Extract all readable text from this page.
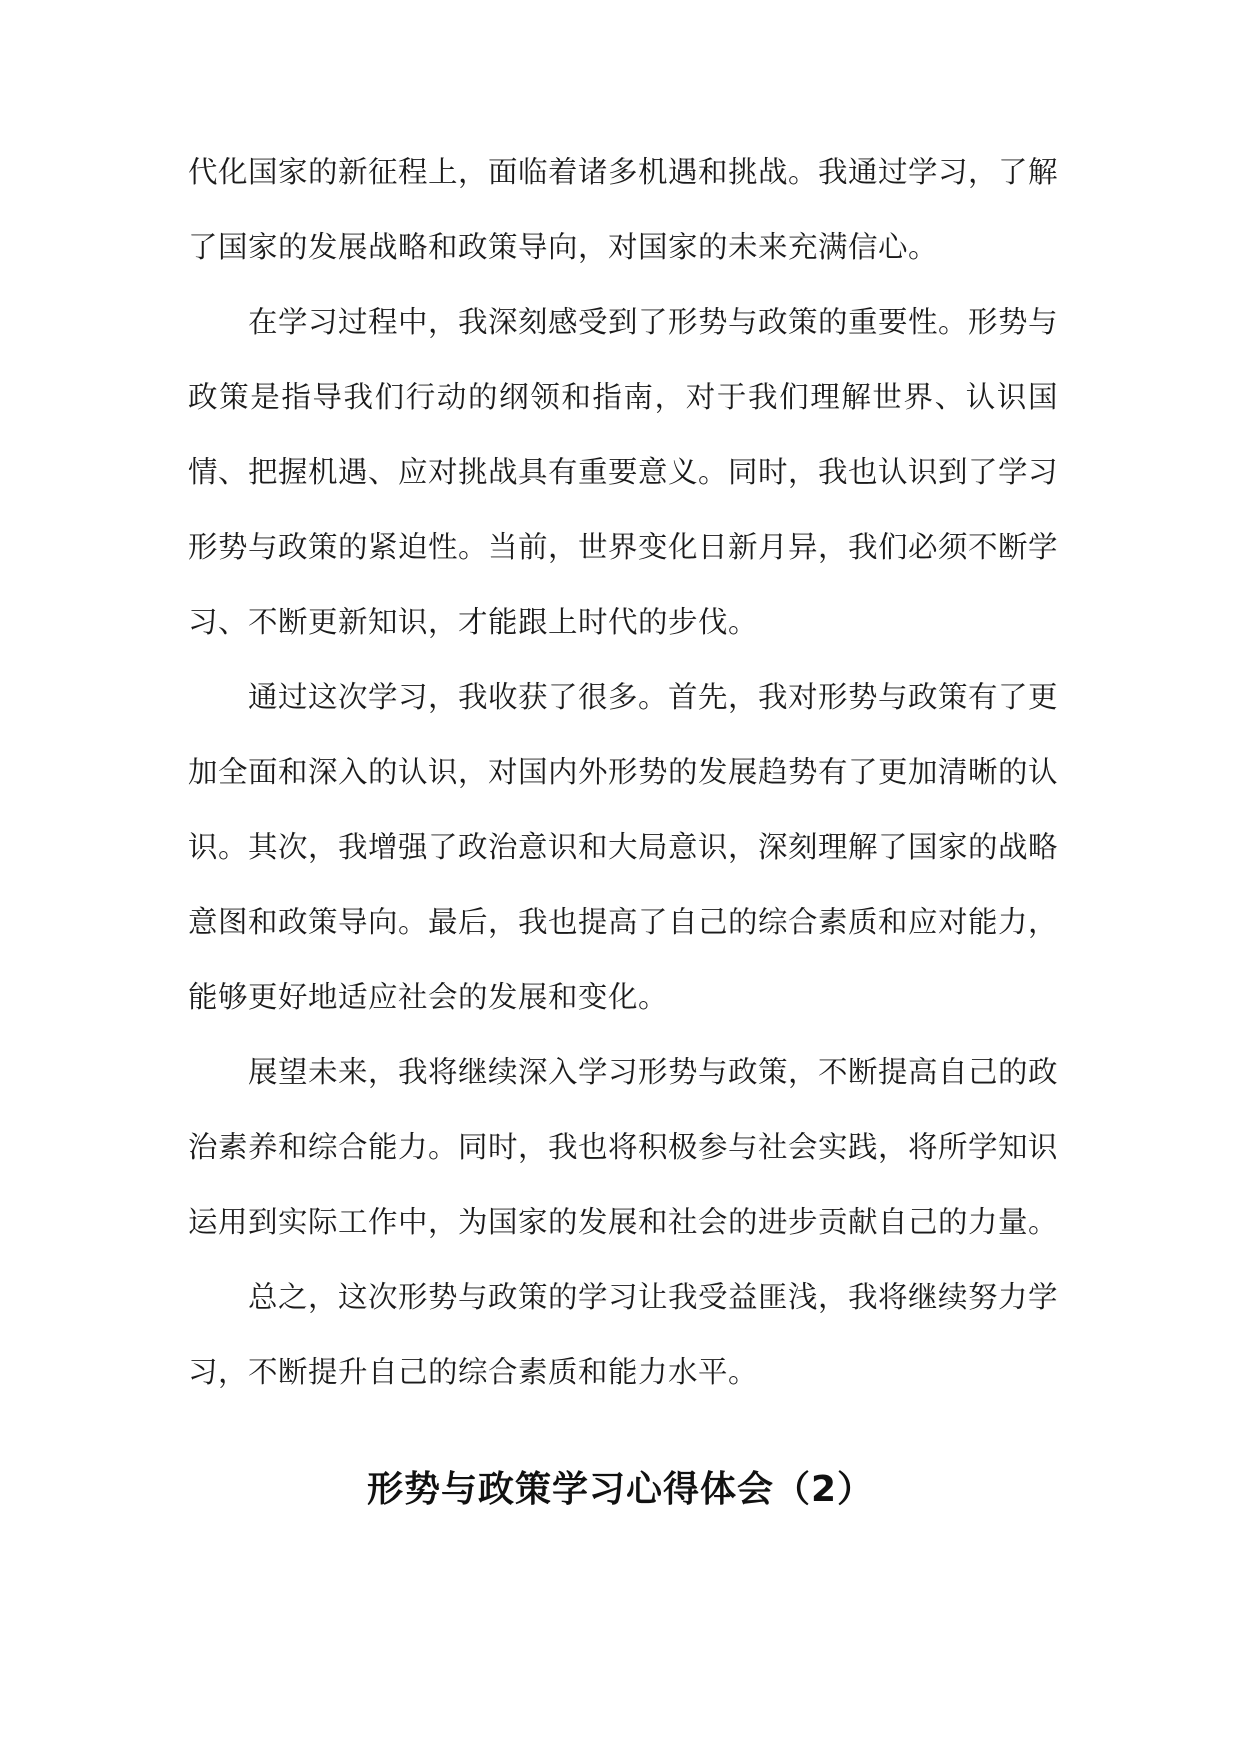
代化国家的新征程上，面临着诸多机遇和挑战。我通过学习，了解了国家的发展战略和政策导向，对国家的未来充满信心。

在学习过程中，我深刻感受到了形势与政策的重要性。形势与政策是指导我们行动的纲领和指南，对于我们理解世界、认识国情、把握机遇、应对挑战具有重要意义。同时，我也认识到了学习形势与政策的紧迫性。当前，世界变化日新月异，我们必须不断学习、不断更新知识，才能跟上时代的步伐。

通过这次学习，我收获了很多。首先，我对形势与政策有了更加全面和深入的认识，对国内外形势的发展趋势有了更加清晰的认识。其次，我增强了政治意识和大局意识，深刻理解了国家的战略意图和政策导向。最后，我也提高了自己的综合素质和应对能力，能够更好地适应社会的发展和变化。

展望未来，我将继续深入学习形势与政策，不断提高自己的政治素养和综合能力。同时，我也将积极参与社会实践，将所学知识运用到实际工作中，为国家的发展和社会的进步贡献自己的力量。

总之，这次形势与政策的学习让我受益匪浅，我将继续努力学习，不断提升自己的综合素质和能力水平。

形势与政策学习心得体会（2）
